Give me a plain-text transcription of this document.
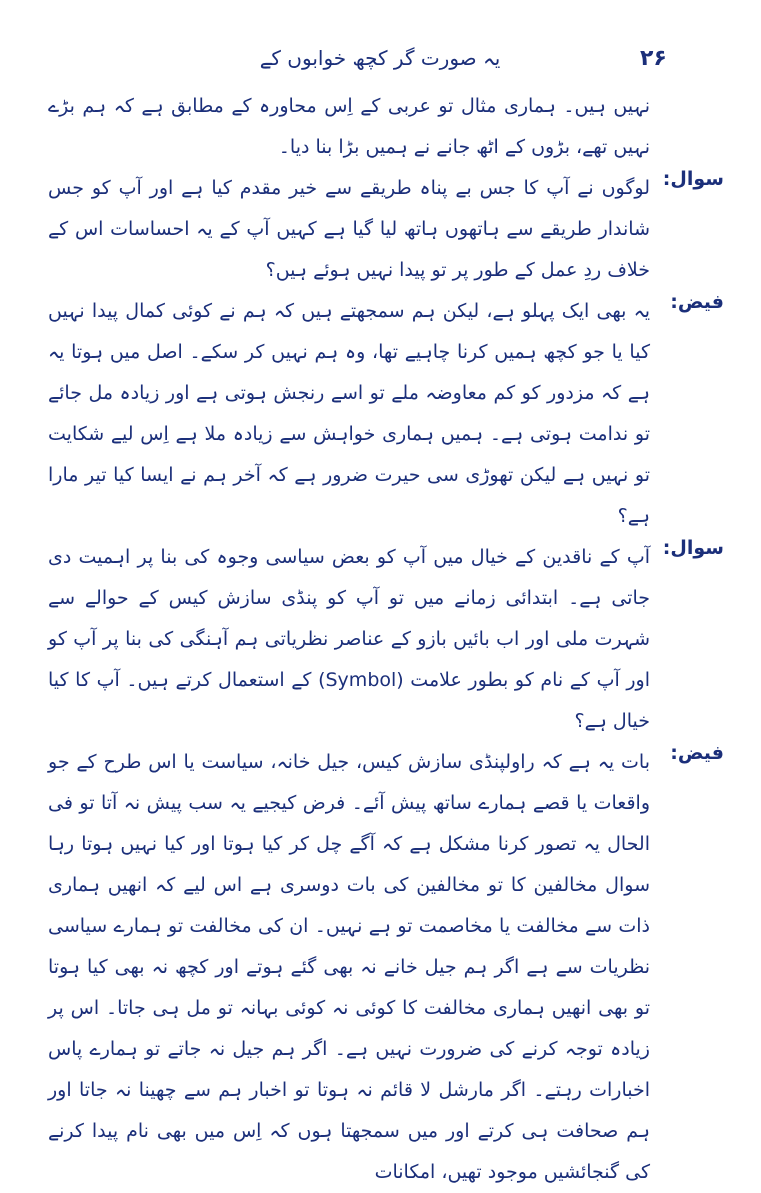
۲۶
یہ صورت گر کچھ خوابوں کے
نہیں ہیں۔ ہماری مثال تو عربی کے اِس محاورہ کے مطابق ہے کہ ہم بڑے نہیں تھے، بڑوں کے اٹھ جانے نے ہمیں بڑا بنا دیا۔
سوال:
لوگوں نے آپ کا جس بے پناہ طریقے سے خیر مقدم کیا ہے اور آپ کو جس شاندار طریقے سے ہاتھوں ہاتھ لیا گیا ہے کہیں آپ کے یہ احساسات اس کے خلاف ردِ عمل کے طور پر تو پیدا نہیں ہوئے ہیں؟
فیض:
یہ بھی ایک پہلو ہے، لیکن ہم سمجھتے ہیں کہ ہم نے کوئی کمال پیدا نہیں کیا یا جو کچھ ہمیں کرنا چاہیے تھا، وہ ہم نہیں کر سکے۔ اصل میں ہوتا یہ ہے کہ مزدور کو کم معاوضہ ملے تو اسے رنجش ہوتی ہے اور زیادہ مل جائے تو ندامت ہوتی ہے۔ ہمیں ہماری خواہش سے زیادہ ملا ہے اِس لیے شکایت تو نہیں ہے لیکن تھوڑی سی حیرت ضرور ہے کہ آخر ہم نے ایسا کیا تیر مارا ہے؟
سوال:
آپ کے ناقدین کے خیال میں آپ کو بعض سیاسی وجوہ کی بنا پر اہمیت دی جاتی ہے۔ ابتدائی زمانے میں تو آپ کو پنڈی سازش کیس کے حوالے سے شہرت ملی اور اب بائیں بازو کے عناصر نظریاتی ہم آہنگی کی بنا پر آپ کو اور آپ کے نام کو بطور علامت (Symbol) کے استعمال کرتے ہیں۔ آپ کا کیا خیال ہے؟
فیض:
بات یہ ہے کہ راولپنڈی سازش کیس، جیل خانہ، سیاست یا اس طرح کے جو واقعات یا قصے ہمارے ساتھ پیش آئے۔ فرض کیجیے یہ سب پیش نہ آتا تو فی الحال یہ تصور کرنا مشکل ہے کہ آگے چل کر کیا ہوتا اور کیا نہیں ہوتا رہا سوال مخالفین کا تو مخالفین کی بات دوسری ہے اس لیے کہ انھیں ہماری ذات سے مخالفت یا مخاصمت تو ہے نہیں۔ ان کی مخالفت تو ہمارے سیاسی نظریات سے ہے اگر ہم جیل خانے نہ بھی گئے ہوتے اور کچھ نہ بھی کیا ہوتا تو بھی انھیں ہماری مخالفت کا کوئی نہ کوئی بہانہ تو مل ہی جاتا۔ اس پر زیادہ توجہ کرنے کی ضرورت نہیں ہے۔ اگر ہم جیل نہ جاتے تو ہمارے پاس اخبارات رہتے۔ اگر مارشل لا قائم نہ ہوتا تو اخبار ہم سے چھینا نہ جاتا اور ہم صحافت ہی کرتے اور میں سمجھتا ہوں کہ اِس میں بھی نام پیدا کرنے کی گنجائشیں موجود تھیں، امکانات
